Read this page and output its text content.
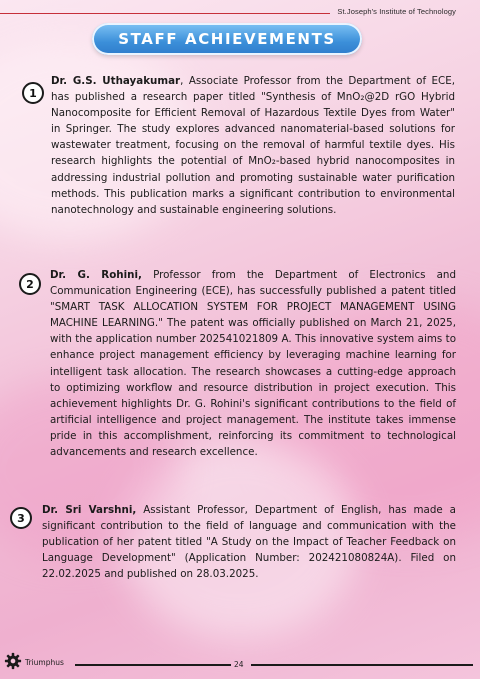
St.Joseph's Institute of Technology
STAFF ACHIEVEMENTS
1
Dr. G.S. Uthayakumar, Associate Professor from the Department of ECE, has published a research paper titled "Synthesis of MnO₂@2D rGO Hybrid Nanocomposite for Efficient Removal of Hazardous Textile Dyes from Water" in Springer. The study explores advanced nanomaterial-based solutions for wastewater treatment, focusing on the removal of harmful textile dyes. His research highlights the potential of MnO₂-based hybrid nanocomposites in addressing industrial pollution and promoting sustainable water purification methods. This publication marks a significant contribution to environmental nanotechnology and sustainable engineering solutions.
2
Dr. G. Rohini, Professor from the Department of Electronics and Communication Engineering (ECE), has successfully published a patent titled "SMART TASK ALLOCATION SYSTEM FOR PROJECT MANAGEMENT USING MACHINE LEARNING." The patent was officially published on March 21, 2025, with the application number 202541021809 A. This innovative system aims to enhance project management efficiency by leveraging machine learning for intelligent task allocation. The research showcases a cutting-edge approach to optimizing workflow and resource distribution in project execution. This achievement highlights Dr. G. Rohini's significant contributions to the field of artificial intelligence and project management. The institute takes immense pride in this accomplishment, reinforcing its commitment to technological advancements and research excellence.
3
Dr. Sri Varshni, Assistant Professor, Department of English, has made a significant contribution to the field of language and communication with the publication of her patent titled "A Study on the Impact of Teacher Feedback on Language Development" (Application Number: 202421080824A). Filed on 22.02.2025 and published on 28.03.2025.
Triumphus	24
